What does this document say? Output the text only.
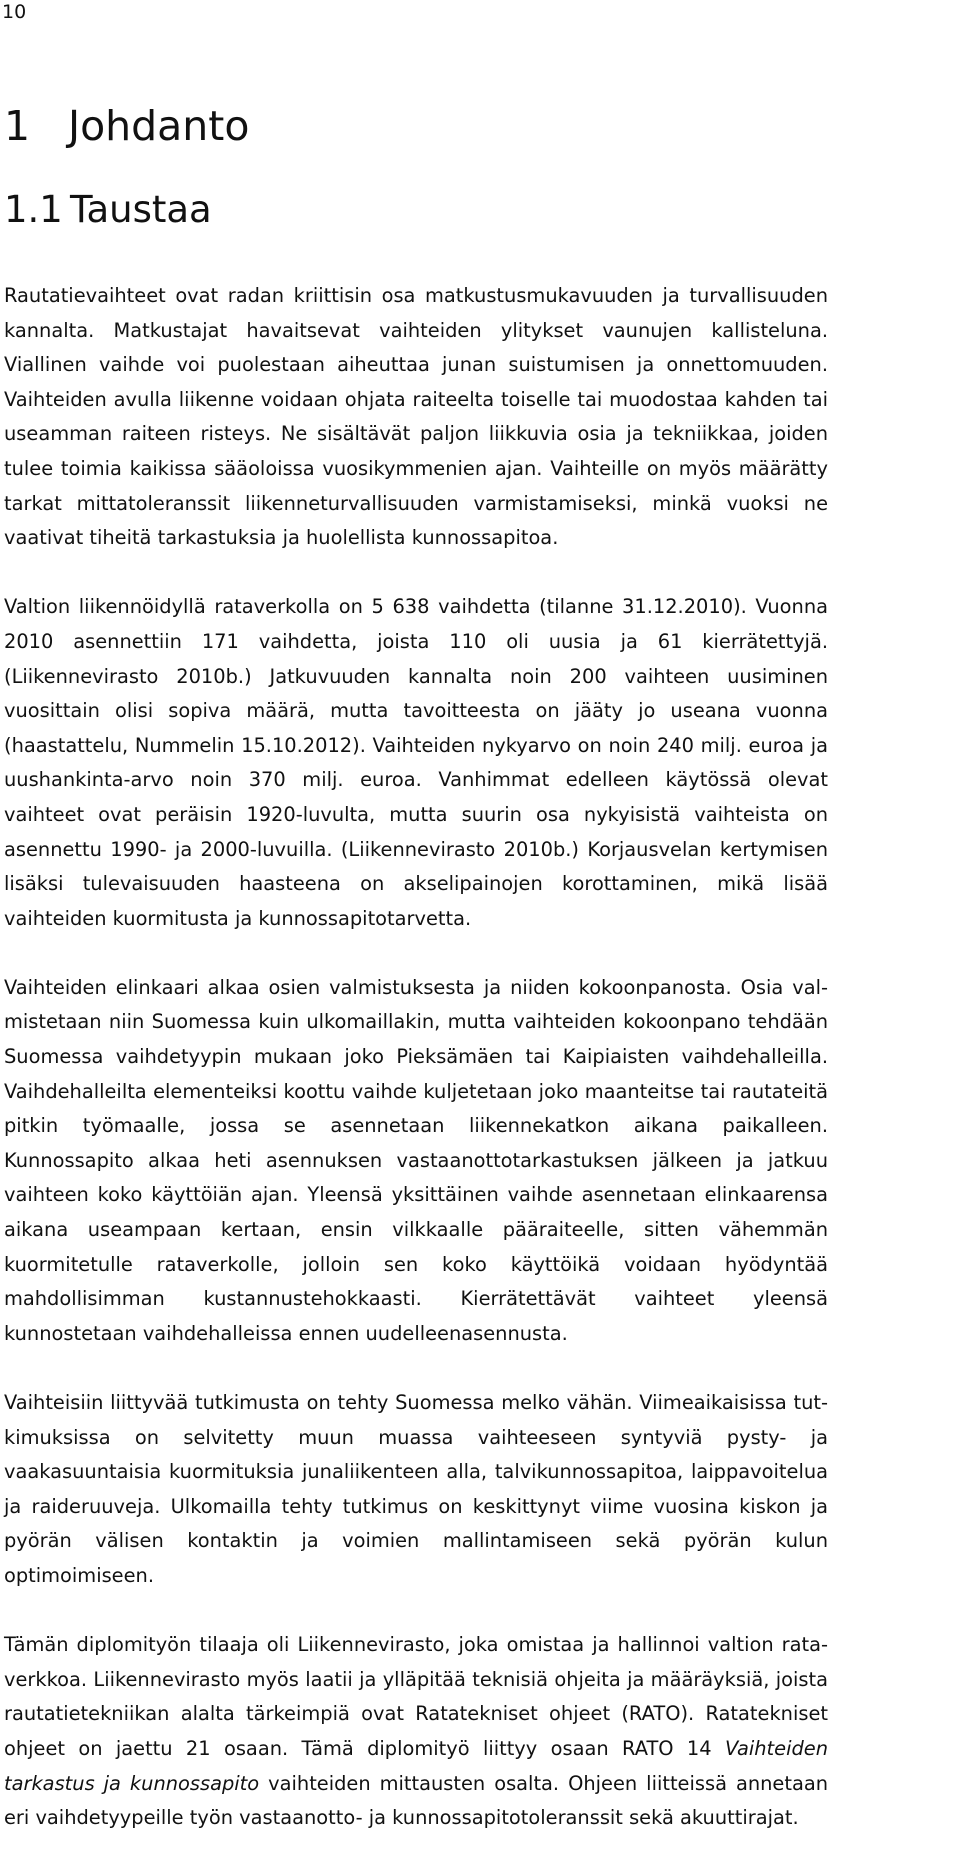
10
1 Johdanto
1.1 Taustaa

Rautatievaihteet ovat radan kriittisin osa matkustusmukavuuden ja turvallisuuden kannalta. Matkustajat havaitsevat vaihteiden ylitykset vaunujen kallisteluna. Viallinen vaihde voi puolestaan aiheuttaa junan suistumisen ja onnettomuuden. Vaihteiden avulla liikenne voidaan ohjata raiteelta toiselle tai muodostaa kahden tai useamman raiteen risteys. Ne sisältävät paljon liikkuvia osia ja tekniikkaa, joiden tulee toimia kaikissa sääoloissa vuosikymmenien ajan. Vaihteille on myös määrätty tarkat mittatoleranssit liikenneturvallisuuden varmistamiseksi, minkä vuoksi ne vaativat tiheitä tarkastuksia ja huolellista kunnossapitoa.

Valtion liikennöidyllä rataverkolla on 5 638 vaihdetta (tilanne 31.12.2010). Vuonna 2010 asennettiin 171 vaihdetta, joista 110 oli uusia ja 61 kierrätettyjä. (Liikennevirasto 2010b.) Jatkuvuuden kannalta noin 200 vaihteen uusiminen vuosittain olisi sopiva määrä, mutta tavoitteesta on jääty jo useana vuonna (haastattelu, Nummelin 15.10.2012). Vaihteiden nykyarvo on noin 240 milj. euroa ja uushankinta-arvo noin 370 milj. euroa. Vanhimmat edelleen käytössä olevat vaihteet ovat peräisin 1920-luvulta, mutta suurin osa nykyisistä vaihteista on asennettu 1990- ja 2000-luvuilla. (Liikennevirasto 2010b.) Korjausvelan kertymisen lisäksi tulevaisuuden haasteena on akselipainojen korottaminen, mikä lisää vaihteiden kuormitusta ja kunnossapitotarvetta.

Vaihteiden elinkaari alkaa osien valmistuksesta ja niiden kokoonpanosta. Osia valmistetaan niin Suomessa kuin ulkomaillakin, mutta vaihteiden kokoonpano tehdään Suomessa vaihdetyypin mukaan joko Pieksämäen tai Kaipiaisten vaihdehalleilla. Vaihdehalleilta elementeiksi koottu vaihde kuljetetaan joko maanteitse tai rautateitä pitkin työmaalle, jossa se asennetaan liikennekatkon aikana paikalleen. Kunnossapito alkaa heti asennuksen vastaanottotarkastuksen jälkeen ja jatkuu vaihteen koko käyttöiän ajan. Yleensä yksittäinen vaihde asennetaan elinkaarensa aikana useampaan kertaan, ensin vilkkaalle pääraiteelle, sitten vähemmän kuormitetulle rataverkolle, jolloin sen koko käyttöikä voidaan hyödyntää mahdollisimman kustannustehokkaasti. Kierrätettävät vaihteet yleensä kunnostetaan vaihdehalleissa ennen uudelleenasennusta.

Vaihteisiin liittyvää tutkimusta on tehty Suomessa melko vähän. Viimeaikaisissa tutkimuksissa on selvitetty muun muassa vaihteeseen syntyviä pysty- ja vaakasuuntaisia kuormituksia junaliikenteen alla, talvikunnossapitoa, laippavoitelua ja raideruuveja. Ulkomailla tehty tutkimus on keskittynyt viime vuosina kiskon ja pyörän välisen kontaktin ja voimien mallintamiseen sekä pyörän kulun optimoimiseen.

Tämän diplomityön tilaaja oli Liikennevirasto, joka omistaa ja hallinnoi valtion rataverkkoa. Liikennevirasto myös laatii ja ylläpitää teknisiä ohjeita ja määräyksiä, joista rautatietekniikan alalta tärkeimpiä ovat Ratatekniset ohjeet (RATO). Ratatekniset ohjeet on jaettu 21 osaan. Tämä diplomityö liittyy osaan RATO 14 Vaihteiden tarkastus ja kunnossapito vaihteiden mittausten osalta. Ohjeen liitteissä annetaan eri vaihdetyypeille työn vastaanotto- ja kunnossapitotoleranssit sekä akuuttirajat.
